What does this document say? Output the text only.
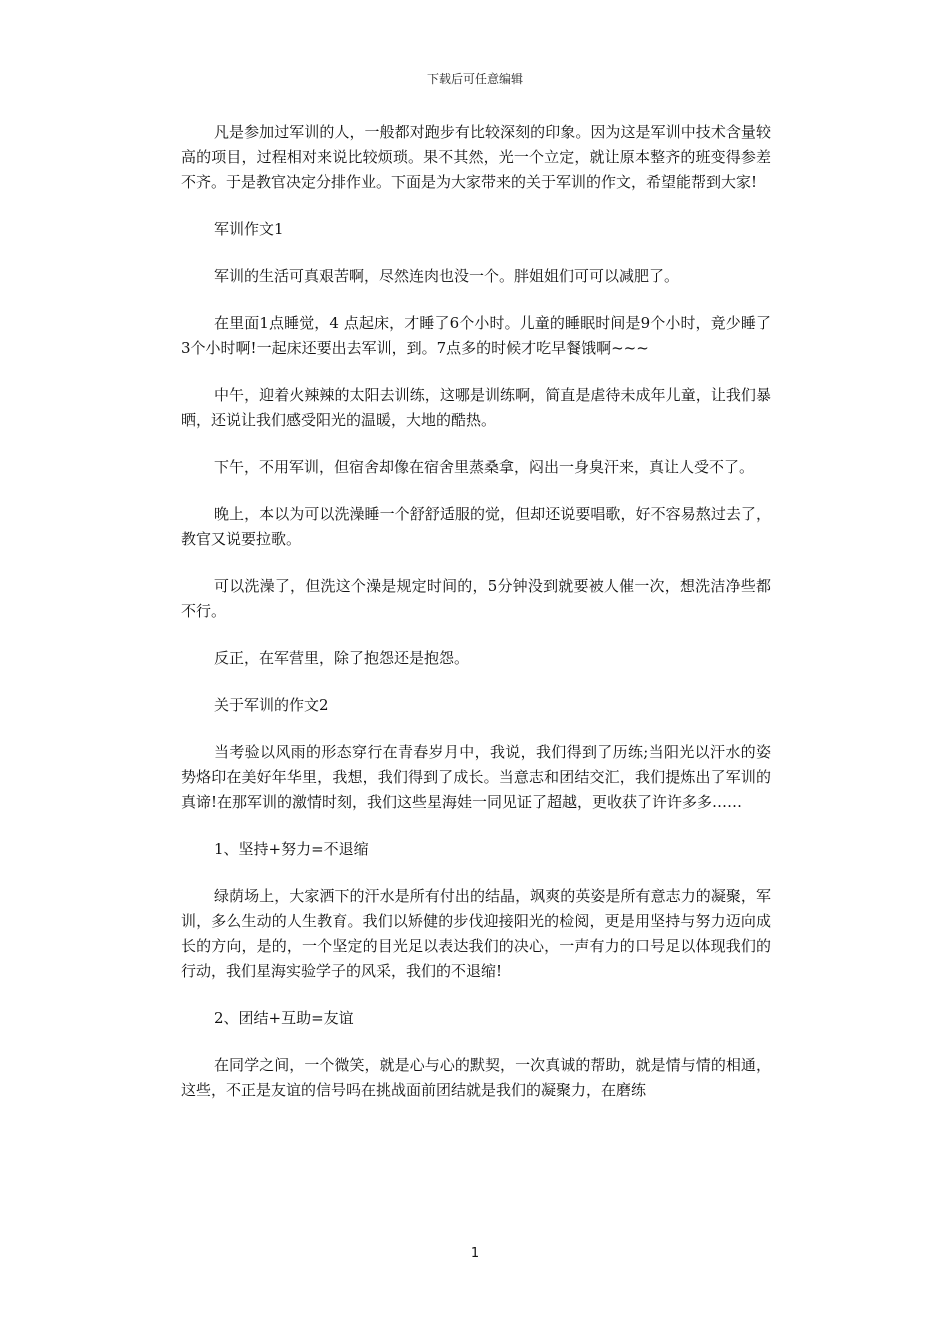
下载后可任意编辑

凡是参加过军训的人，一般都对跑步有比较深刻的印象。因为这是军训中技术含量较高的项目，过程相对来说比较烦琐。果不其然，光一个立定，就让原本整齐的班变得参差不齐。于是教官决定分排作业。下面是为大家带来的关于军训的作文，希望能帮到大家!

军训作文1

军训的生活可真艰苦啊，尽然连肉也没一个。胖姐姐们可可以减肥了。

在里面1点睡觉，4 点起床，才睡了6个小时。儿童的睡眠时间是9个小时，竟少睡了3个小时啊!一起床还要出去军训，到。7点多的时候才吃早餐饿啊~~~

中午，迎着火辣辣的太阳去训练，这哪是训练啊，简直是虐待未成年儿童，让我们暴晒，还说让我们感受阳光的温暖，大地的酷热。

下午，不用军训，但宿舍却像在宿舍里蒸桑拿，闷出一身臭汗来，真让人受不了。

晚上，本以为可以洗澡睡一个舒舒适服的觉，但却还说要唱歌，好不容易熬过去了，教官又说要拉歌。

可以洗澡了，但洗这个澡是规定时间的，5分钟没到就要被人催一次，想洗洁净些都不行。

反正，在军营里，除了抱怨还是抱怨。

关于军训的作文2

当考验以风雨的形态穿行在青春岁月中，我说，我们得到了历练;当阳光以汗水的姿势烙印在美好年华里，我想，我们得到了成长。当意志和团结交汇，我们提炼出了军训的真谛!在那军训的激情时刻，我们这些星海娃一同见证了超越，更收获了许许多多……

1、坚持+努力=不退缩

绿荫场上，大家洒下的汗水是所有付出的结晶，飒爽的英姿是所有意志力的凝聚，军训，多么生动的人生教育。我们以矫健的步伐迎接阳光的检阅，更是用坚持与努力迈向成长的方向，是的，一个坚定的目光足以表达我们的决心，一声有力的口号足以体现我们的行动，我们星海实验学子的风采，我们的不退缩!

2、团结+互助=友谊

在同学之间，一个微笑，就是心与心的默契，一次真诚的帮助，就是情与情的相通，这些，不正是友谊的信号吗在挑战面前团结就是我们的凝聚力，在磨练

1
